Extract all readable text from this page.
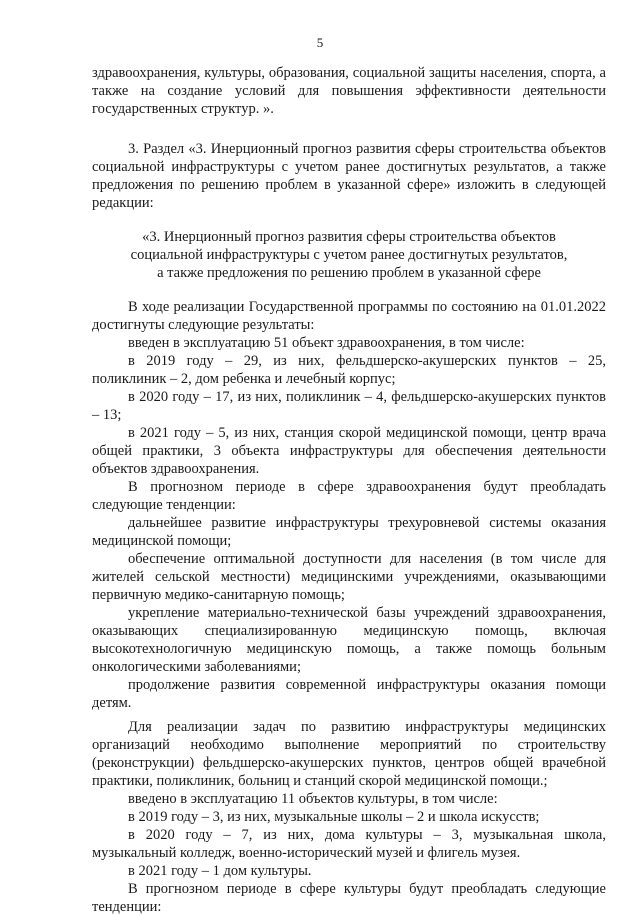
5

здравоохранения, культуры, образования, социальной защиты населения, спорта, а также на создание условий для повышения эффективности деятельности государственных структур. ».

3. Раздел «3. Инерционный прогноз развития сферы строительства объектов социальной инфраструктуры с учетом ранее достигнутых результатов, а также предложения по решению проблем в указанной сфере» изложить в следующей редакции:

«3. Инерционный прогноз развития сферы строительства объектов
социальной инфраструктуры с учетом ранее достигнутых результатов,
а также предложения по решению проблем в указанной сфере

В ходе реализации Государственной программы по состоянию на 01.01.2022 достигнуты следующие результаты:

введен в эксплуатацию 51 объект здравоохранения, в том числе:

в 2019 году – 29, из них, фельдшерско-акушерских пунктов – 25, поликлиник – 2, дом ребенка и лечебный корпус;

в 2020 году – 17, из них, поликлиник – 4, фельдшерско-акушерских пунктов – 13;

в 2021 году – 5, из них, станция скорой медицинской помощи, центр врача общей практики, 3 объекта инфраструктуры для обеспечения деятельности объектов здравоохранения.

В прогнозном периоде в сфере здравоохранения будут преобладать следующие тенденции:

дальнейшее развитие инфраструктуры трехуровневой системы оказания медицинской помощи;

обеспечение оптимальной доступности для населения (в том числе для жителей сельской местности) медицинскими учреждениями, оказывающими первичную медико-санитарную помощь;

укрепление материально-технической базы учреждений здравоохранения, оказывающих специализированную медицинскую помощь, включая высокотехнологичную медицинскую помощь, а также помощь больным онкологическими заболеваниями;

продолжение развития современной инфраструктуры оказания помощи детям.

Для реализации задач по развитию инфраструктуры медицинских организаций необходимо выполнение мероприятий по строительству (реконструкции) фельдшерско-акушерских пунктов, центров общей врачебной практики, поликлиник, больниц и станций скорой медицинской помощи.;

введено в эксплуатацию 11 объектов культуры, в том числе:

в 2019 году – 3, из них, музыкальные школы – 2 и школа искусств;

в 2020 году – 7, из них, дома культуры – 3, музыкальная школа, музыкальный колледж, военно-исторический музей и флигель музея.

в 2021 году – 1 дом культуры.

В прогнозном периоде в сфере культуры будут преобладать следующие тенденции:
